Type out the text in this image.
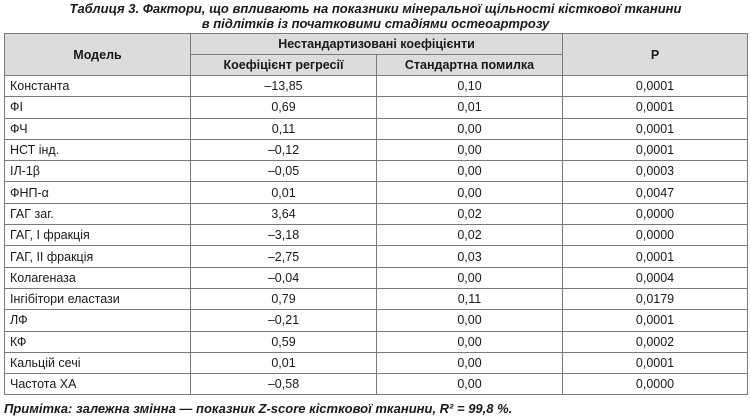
Таблиця 3. Фактори, що впливають на показники мінеральної щільності кісткової тканини
в підлітків із початковими стадіями остеоартрозу
Модель	Нестандартизовані коефіцієнти		Р
	Коефіцієнт регресії	Стандартна помилка	
Константа	–13,85	0,10	0,0001
ФІ	0,69	0,01	0,0001
ФЧ	0,11	0,00	0,0001
НСТ інд.	–0,12	0,00	0,0001
ІЛ-1β	–0,05	0,00	0,0003
ФНП-α	0,01	0,00	0,0047
ГАГ заг.	3,64	0,02	0,0000
ГАГ, I фракція	–3,18	0,02	0,0000
ГАГ, II фракція	–2,75	0,03	0,0001
Колагеназа	–0,04	0,00	0,0004
Інгібітори еластази	0,79	0,11	0,0179
ЛФ	–0,21	0,00	0,0001
КФ	0,59	0,00	0,0002
Кальцій сечі	0,01	0,00	0,0001
Частота ХА	–0,58	0,00	0,0000
Примітка: залежна змінна — показник Z-score кісткової тканини, R² = 99,8 %.
